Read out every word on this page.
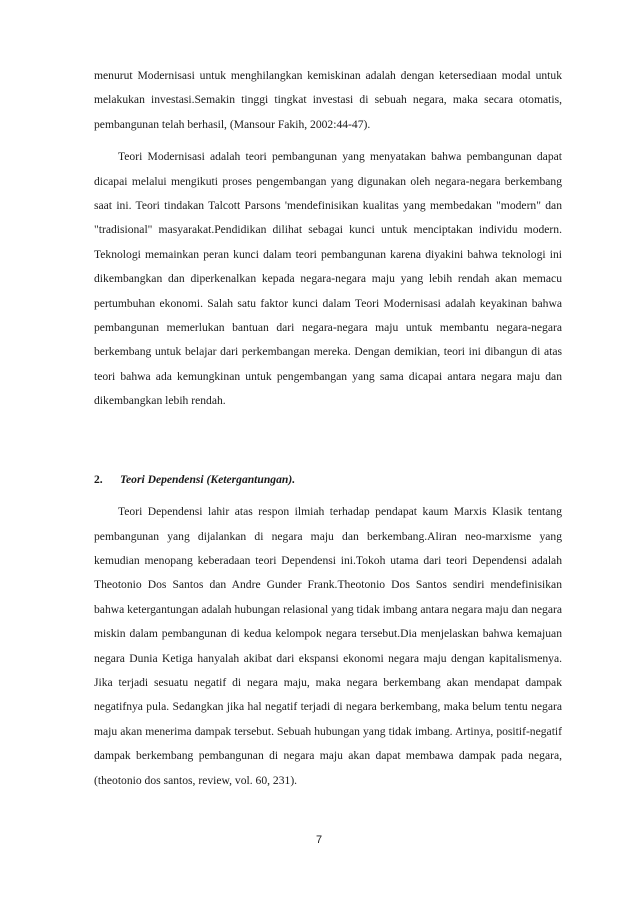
menurut Modernisasi untuk menghilangkan kemiskinan adalah dengan ketersediaan modal untuk melakukan investasi.Semakin tinggi tingkat investasi di sebuah negara, maka secara otomatis, pembangunan telah berhasil, (Mansour Fakih, 2002:44-47).

Teori Modernisasi adalah teori pembangunan yang menyatakan bahwa pembangunan dapat dicapai melalui mengikuti proses pengembangan yang digunakan oleh negara-negara berkembang saat ini. Teori tindakan Talcott Parsons 'mendefinisikan kualitas yang membedakan "modern" dan "tradisional" masyarakat.Pendidikan dilihat sebagai kunci untuk menciptakan individu modern. Teknologi memainkan peran kunci dalam teori pembangunan karena diyakini bahwa teknologi ini dikembangkan dan diperkenalkan kepada negara-negara maju yang lebih rendah akan memacu pertumbuhan ekonomi. Salah satu faktor kunci dalam Teori Modernisasi adalah keyakinan bahwa pembangunan memerlukan bantuan dari negara-negara maju untuk membantu negara-negara berkembang untuk belajar dari perkembangan mereka. Dengan demikian, teori ini dibangun di atas teori bahwa ada kemungkinan untuk pengembangan yang sama dicapai antara negara maju dan dikembangkan lebih rendah.

2. Teori Dependensi (Ketergantungan).

Teori Dependensi lahir atas respon ilmiah terhadap pendapat kaum Marxis Klasik tentang pembangunan yang dijalankan di negara maju dan berkembang.Aliran neo-marxisme yang kemudian menopang keberadaan teori Dependensi ini.Tokoh utama dari teori Dependensi adalah Theotonio Dos Santos dan Andre Gunder Frank.Theotonio Dos Santos sendiri mendefinisikan bahwa ketergantungan adalah hubungan relasional yang tidak imbang antara negara maju dan negara miskin dalam pembangunan di kedua kelompok negara tersebut.Dia menjelaskan bahwa kemajuan negara Dunia Ketiga hanyalah akibat dari ekspansi ekonomi negara maju dengan kapitalismenya. Jika terjadi sesuatu negatif di negara maju, maka negara berkembang akan mendapat dampak negatifnya pula. Sedangkan jika hal negatif terjadi di negara berkembang, maka belum tentu negara maju akan menerima dampak tersebut. Sebuah hubungan yang tidak imbang. Artinya, positif-negatif dampak berkembang pembangunan di negara maju akan dapat membawa dampak pada negara, (theotonio dos santos, review, vol. 60, 231).

7
